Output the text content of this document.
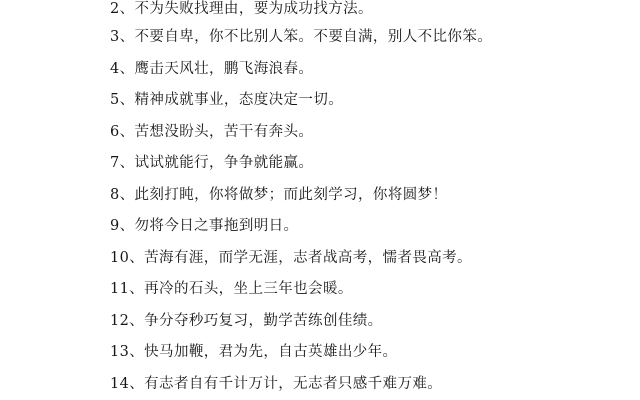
2、不为失败找理由，要为成功找方法。
3、不要自卑，你不比别人笨。不要自满，别人不比你笨。
4、鹰击天风壮，鹏飞海浪春。
5、精神成就事业，态度决定一切。
6、苦想没盼头，苦干有奔头。
7、试试就能行，争争就能赢。
8、此刻打盹，你将做梦；而此刻学习，你将圆梦！
9、勿将今日之事拖到明日。
10、苦海有涯，而学无涯，志者战高考，懦者畏高考。
11、再冷的石头，坐上三年也会暖。
12、争分夺秒巧复习，勤学苦练创佳绩。
13、快马加鞭，君为先，自古英雄出少年。
14、有志者自有千计万计，无志者只感千难万难。
